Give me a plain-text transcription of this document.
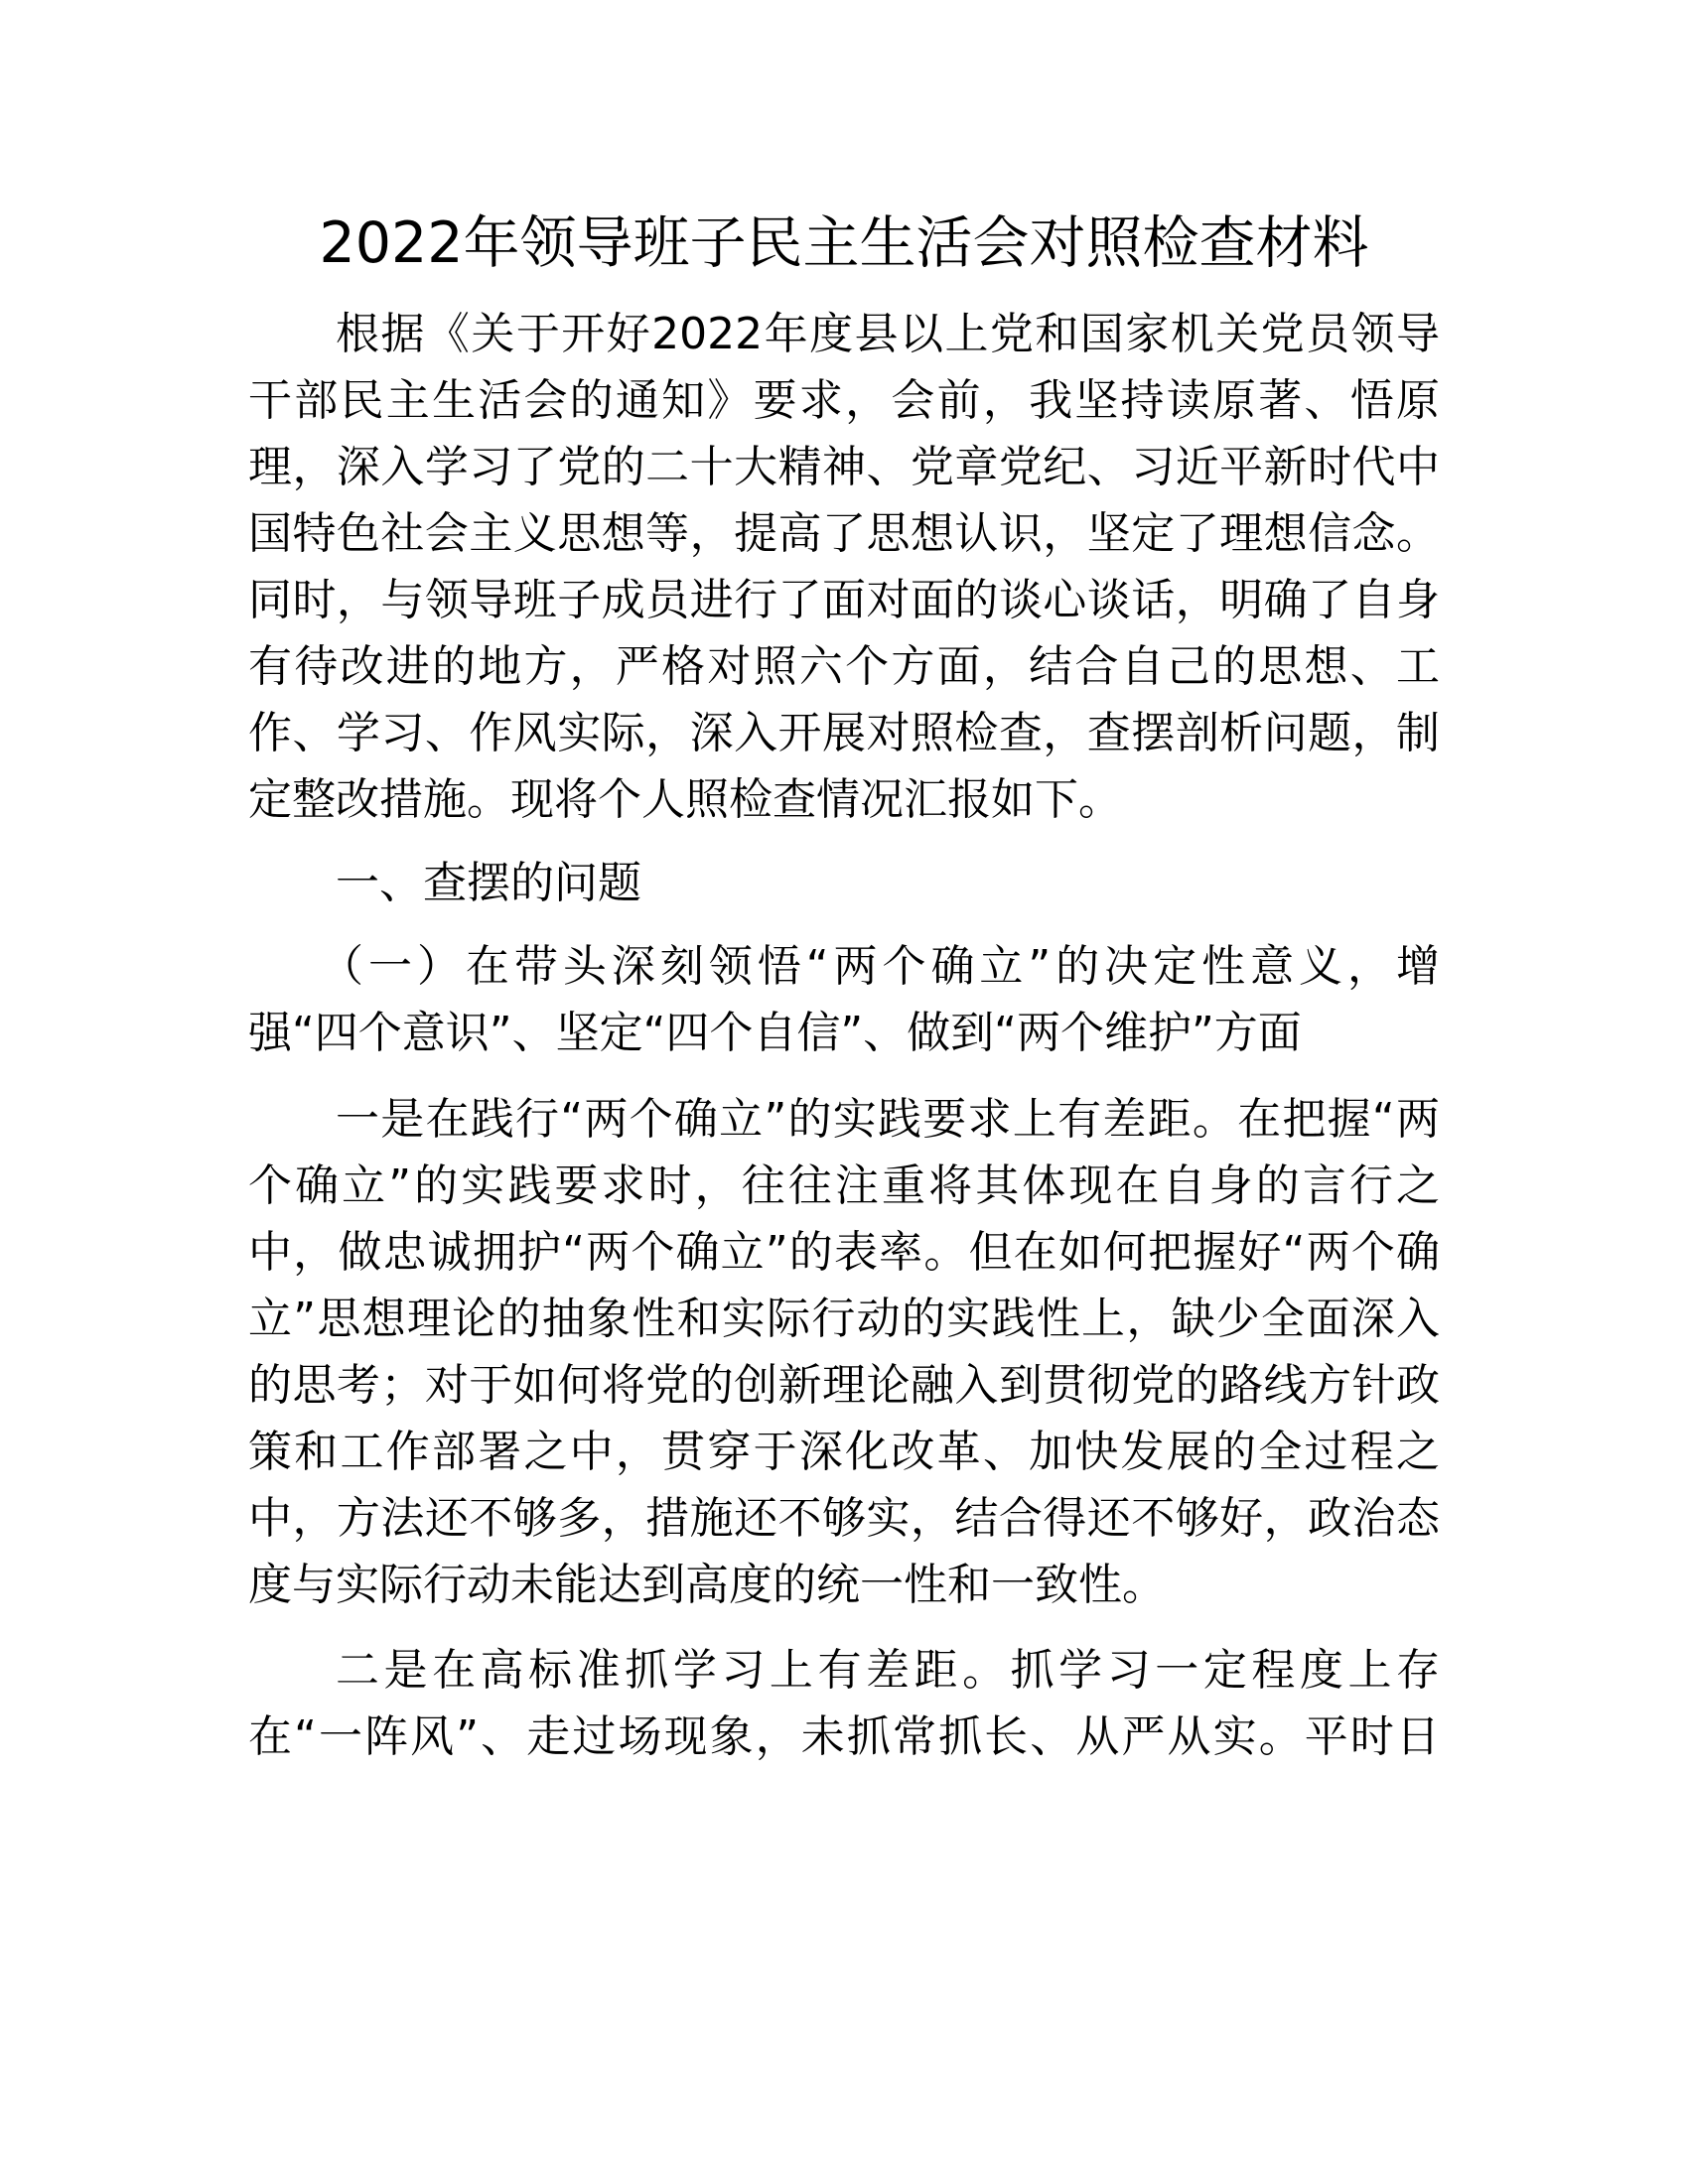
2022年领导班子民主生活会对照检查材料

根据《关于开好2022年度县以上党和国家机关党员领导

干部民主生活会的通知》要求，会前，我坚持读原著、悟原

理，深入学习了党的二十大精神、党章党纪、习近平新时代中

国特色社会主义思想等，提高了思想认识，坚定了理想信念。

同时，与领导班子成员进行了面对面的谈心谈话，明确了自身

有待改进的地方，严格对照六个方面，结合自己的思想、工

作、学习、作风实际，深入开展对照检查，查摆剖析问题，制

定整改措施。现将个人照检查情况汇报如下。

一、查摆的问题

（一）在带头深刻领悟“两个确立”的决定性意义，增

强“四个意识”、坚定“四个自信”、做到“两个维护”方面

一是在践行“两个确立”的实践要求上有差距。在把握“两

个确立”的实践要求时，往往注重将其体现在自身的言行之

中，做忠诚拥护“两个确立”的表率。但在如何把握好“两个确

立”思想理论的抽象性和实际行动的实践性上，缺少全面深入

的思考；对于如何将党的创新理论融入到贯彻党的路线方针政

策和工作部署之中，贯穿于深化改革、加快发展的全过程之

中，方法还不够多，措施还不够实，结合得还不够好，政治态

度与实际行动未能达到高度的统一性和一致性。

二是在高标准抓学习上有差距。抓学习一定程度上存

在“一阵风”、走过场现象，未抓常抓长、从严从实。平时日
